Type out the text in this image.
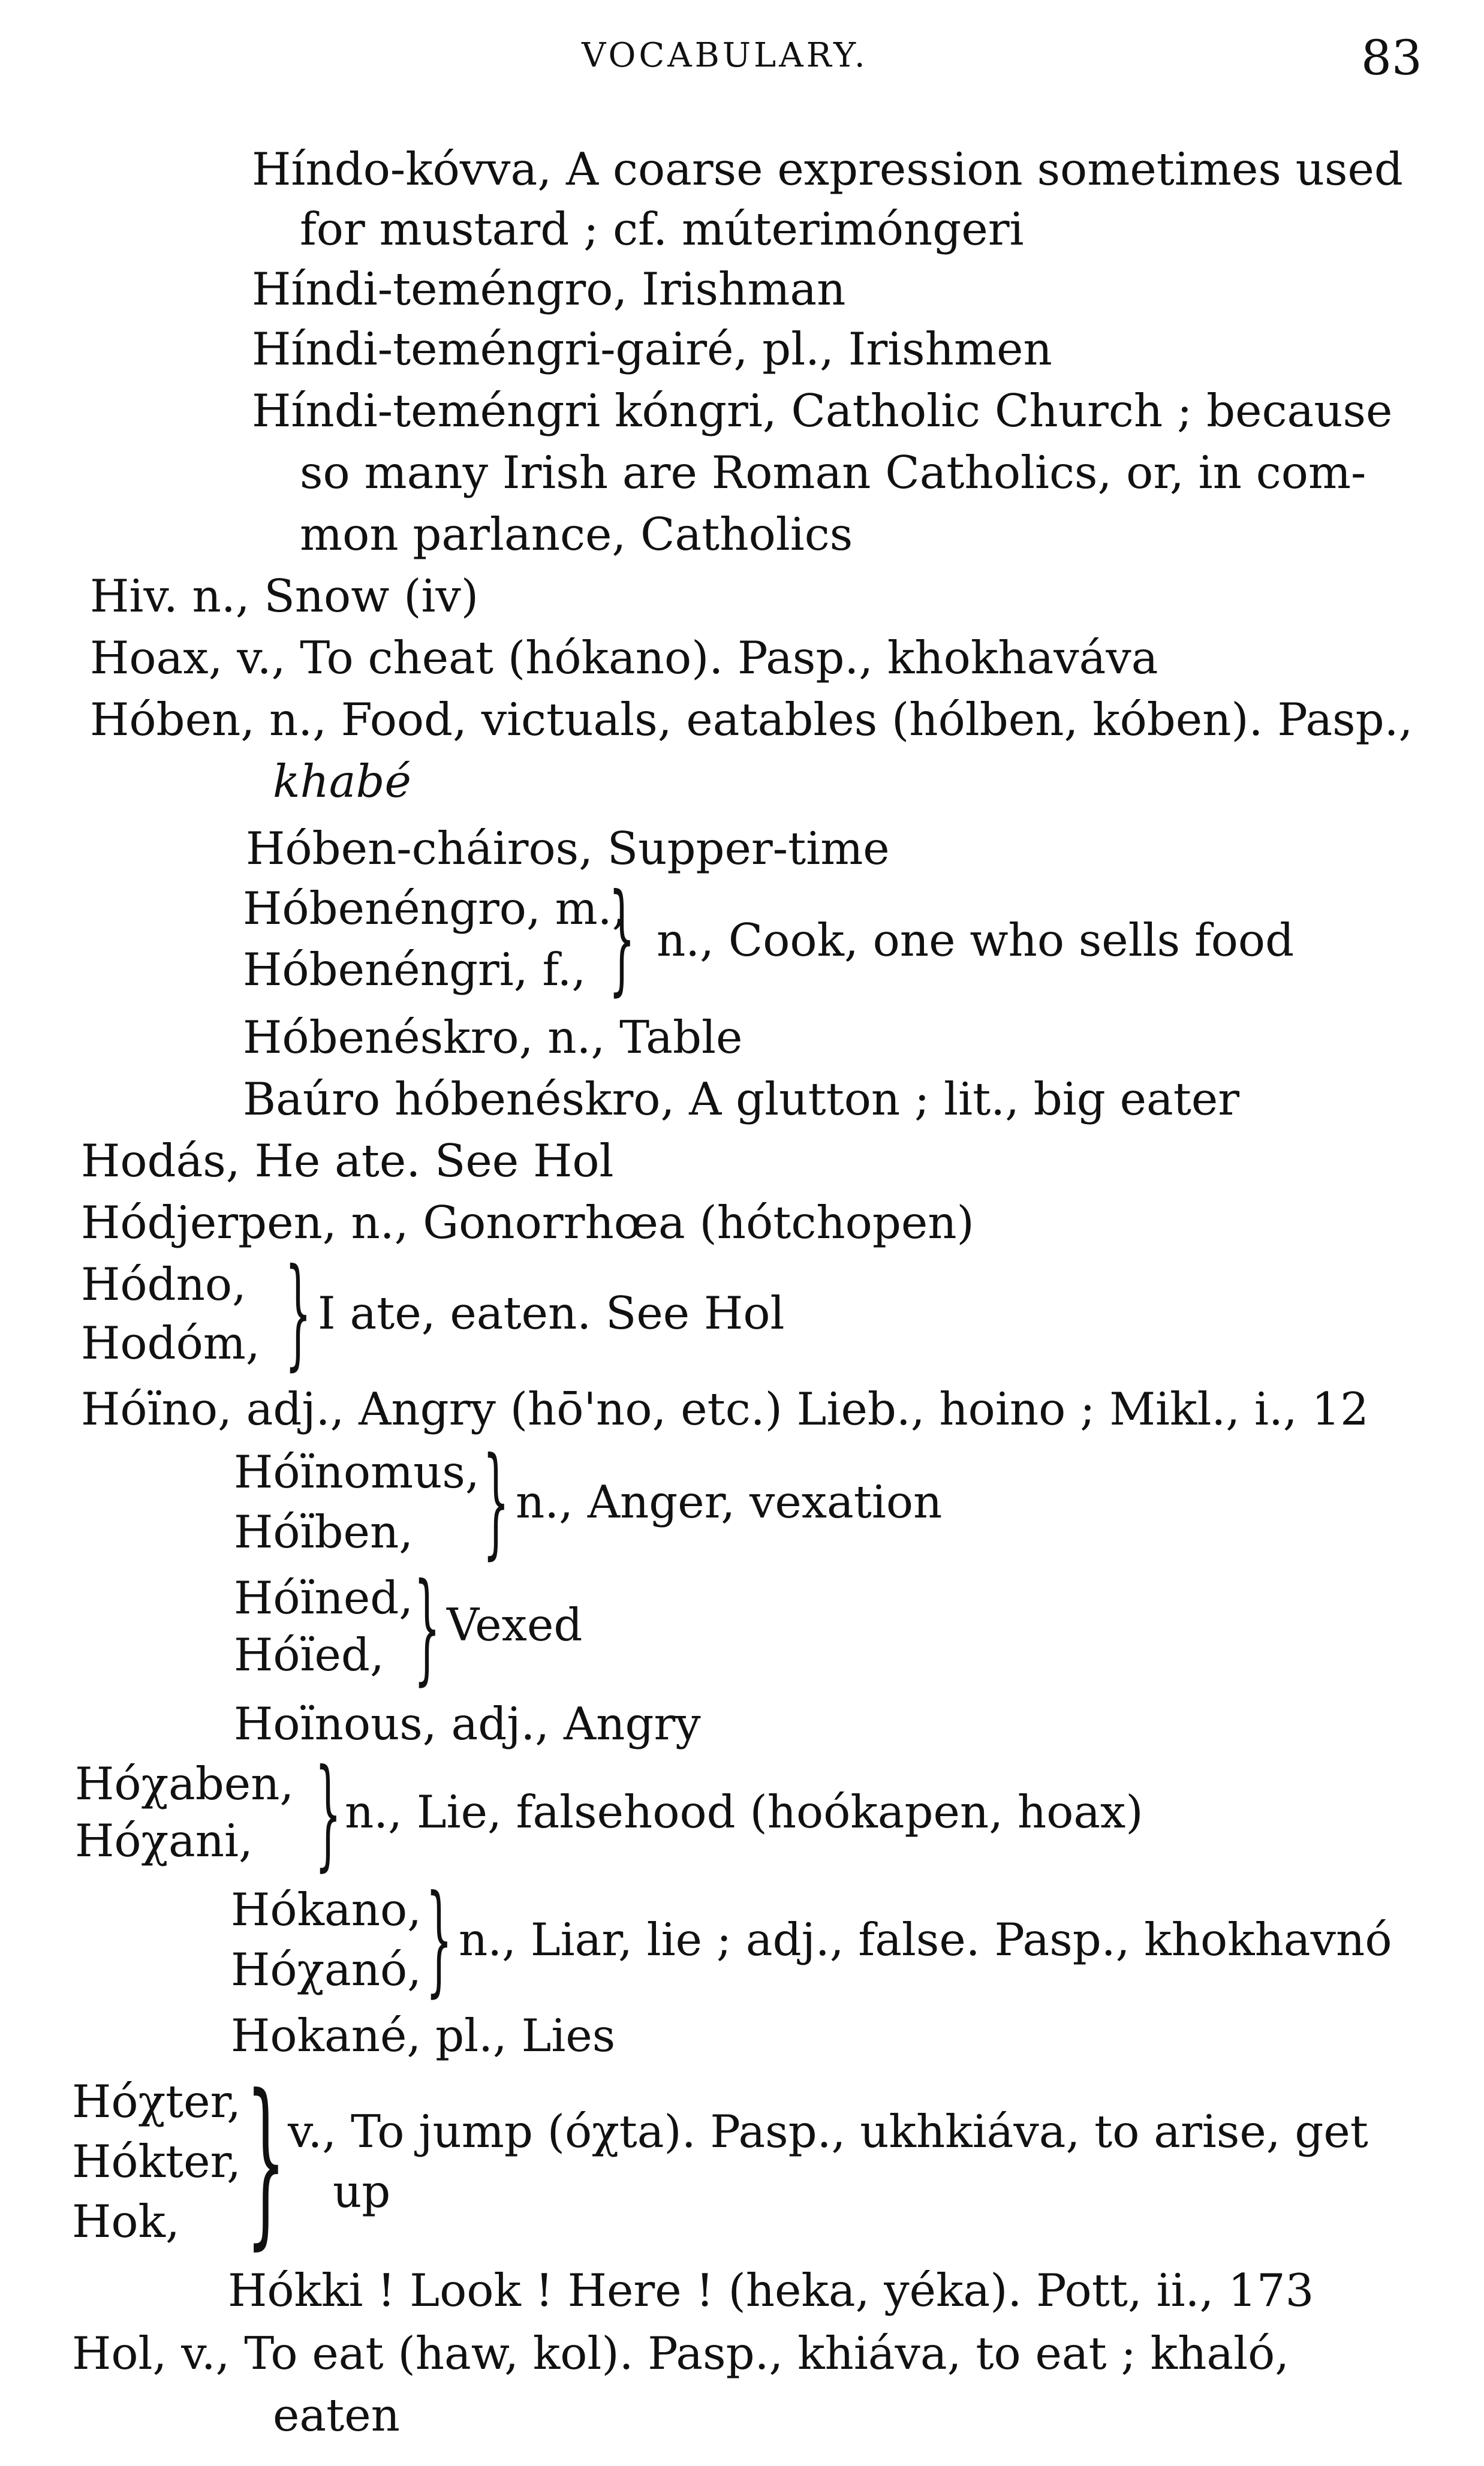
VOCABULARY.	83
Híndo-kóvva, A coarse expression sometimes used
for mustard ; cf. múterimóngeri
Híndi-teméngro, Irishman
Híndi-teméngri-gairé, pl., Irishmen
Híndi-teméngri kóngri, Catholic Church ; because
so many Irish are Roman Catholics, or, in com-
mon parlance, Catholics
Hiv. n., Snow (iv)
Hoax, v., To cheat (hókano). Pasp., khokhaváva
Hóben, n., Food, victuals, eatables (hólben, kóben). Pasp.,
khabé
Hóben-cháiros, Supper-time
Hóbenéngro, m.,
Hóbenéngri, f., } n., Cook, one who sells food
Hóbenéskro, n., Table
Baúro hóbenéskro, A glutton ; lit., big eater
Hodás, He ate. See Hol
Hódjerpen, n., Gonorrhœa (hótchopen)
Hódno,
Hodóm, } I ate, eaten. See Hol
Hóïno, adj., Angry (hō'no, etc.) Lieb., hoino ; Mikl., i., 12
Hóïnomus,
Hóïben, } n., Anger, vexation
Hóïned,
Hóïed, } Vexed
Hoïnous, adj., Angry
Hóχaben,
Hóχani, } n., Lie, falsehood (hoókapen, hoax)
Hókano,
Hóχanó, } n., Liar, lie ; adj., false. Pasp., khokhavnó
Hokané, pl., Lies
Hóχter,
Hókter,
Hok, } v., To jump (óχta). Pasp., ukhkiáva, to arise, get
up
Hókki ! Look ! Here ! (heka, yéka). Pott, ii., 173
Hol, v., To eat (haw, kol). Pasp., khiáva, to eat ; khaló,
eaten
